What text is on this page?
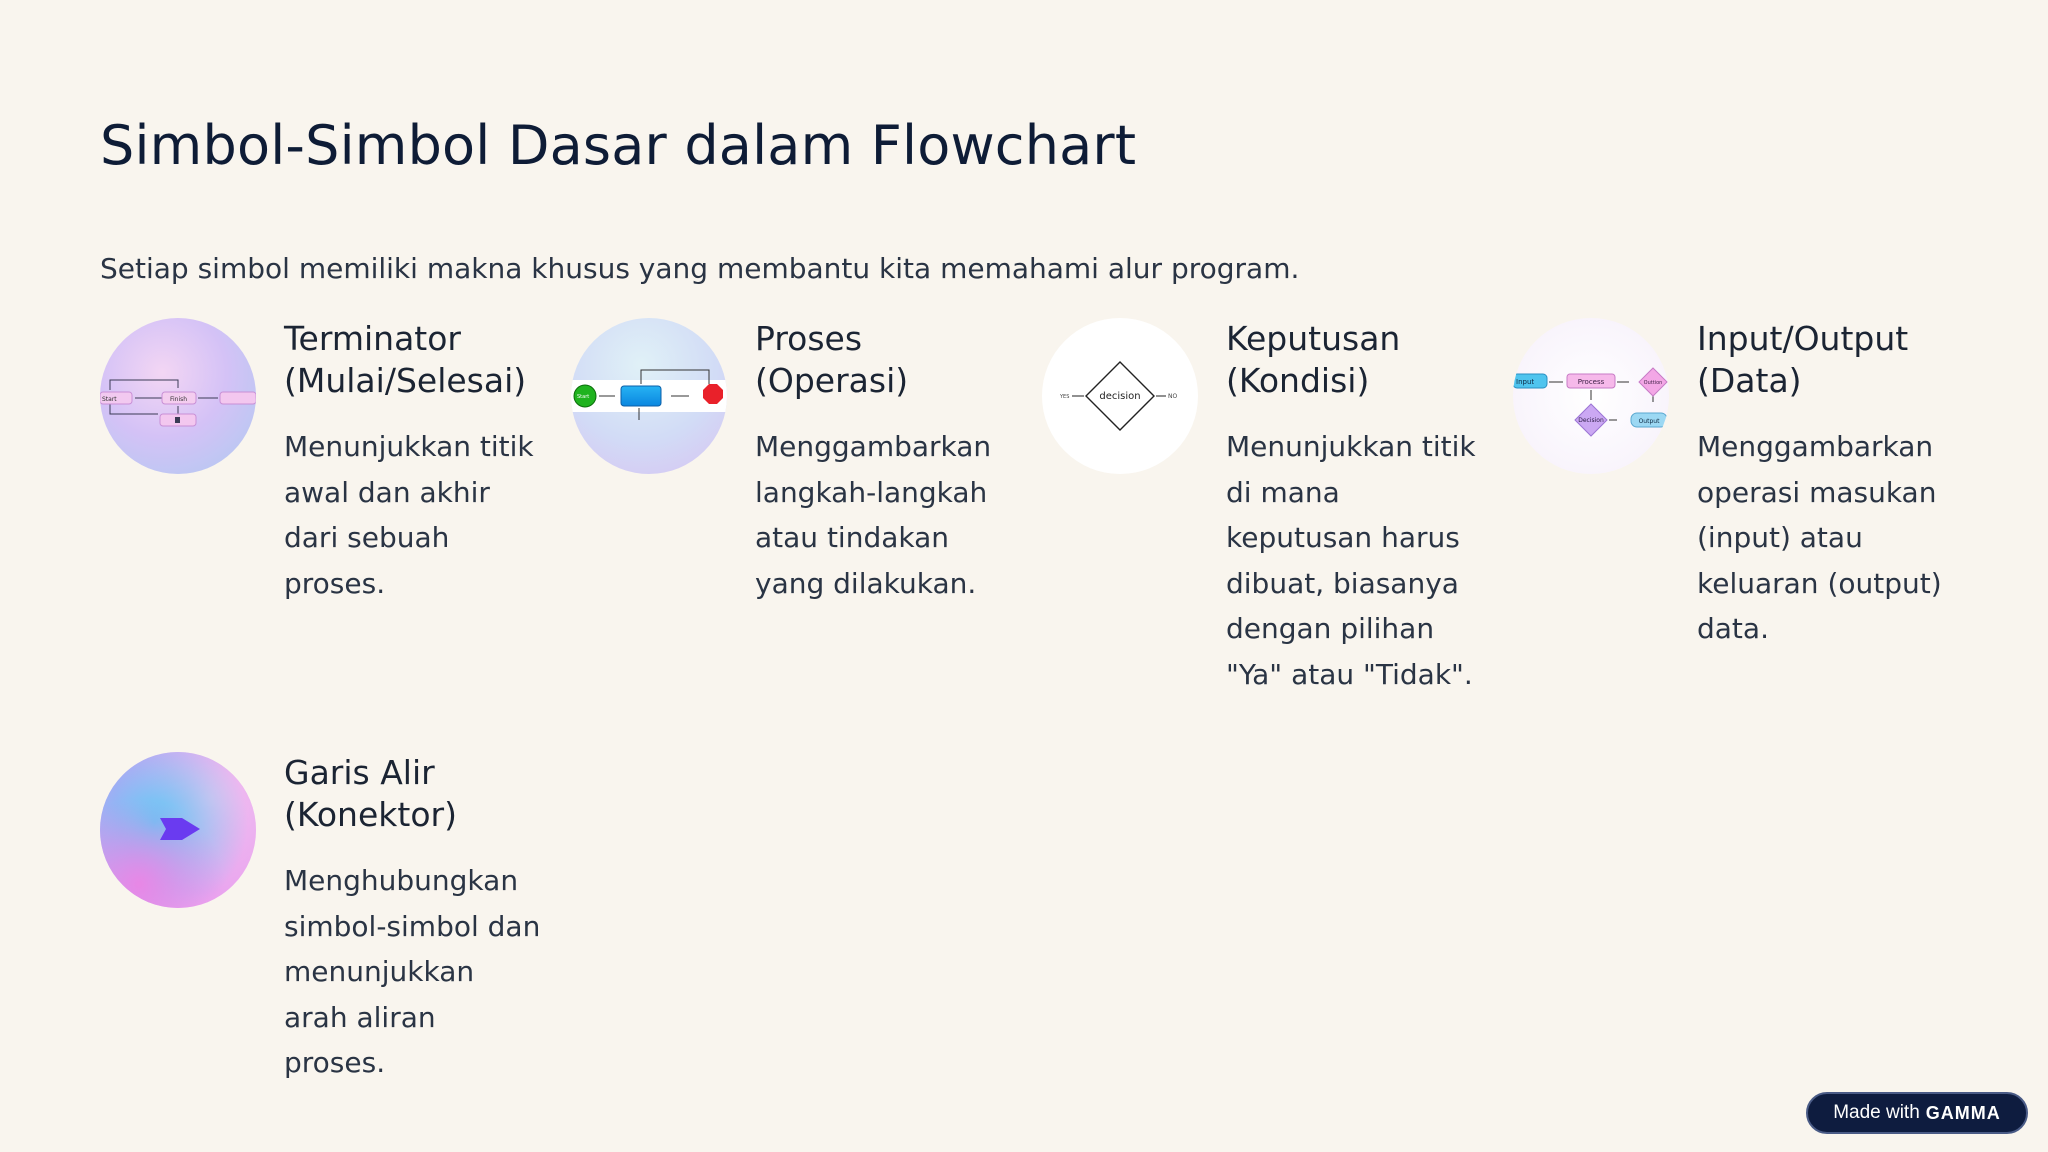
Simbol-Simbol Dasar dalam Flowchart

Setiap simbol memiliki makna khusus yang membantu kita memahami alur program.

Start	Finish
Terminator (Mulai/Selesai)

Menunjukkan titik awal dan akhir dari sebuah proses.

Start
Proses (Operasi)

Menggambarkan langkah-langkah atau tindakan yang dilakukan.

decision
YES	NO
Keputusan (Kondisi)

Menunjukkan titik di mana keputusan harus dibuat, biasanya dengan pilihan "Ya" atau "Tidak".

Input	Process	Outtion
Decision	Output
Input/Output (Data)

Menggambarkan operasi masukan (input) atau keluaran (output) data.

Garis Alir (Konektor)

Menghubungkan simbol-simbol dan menunjukkan arah aliran proses.

Made with GAMMA
